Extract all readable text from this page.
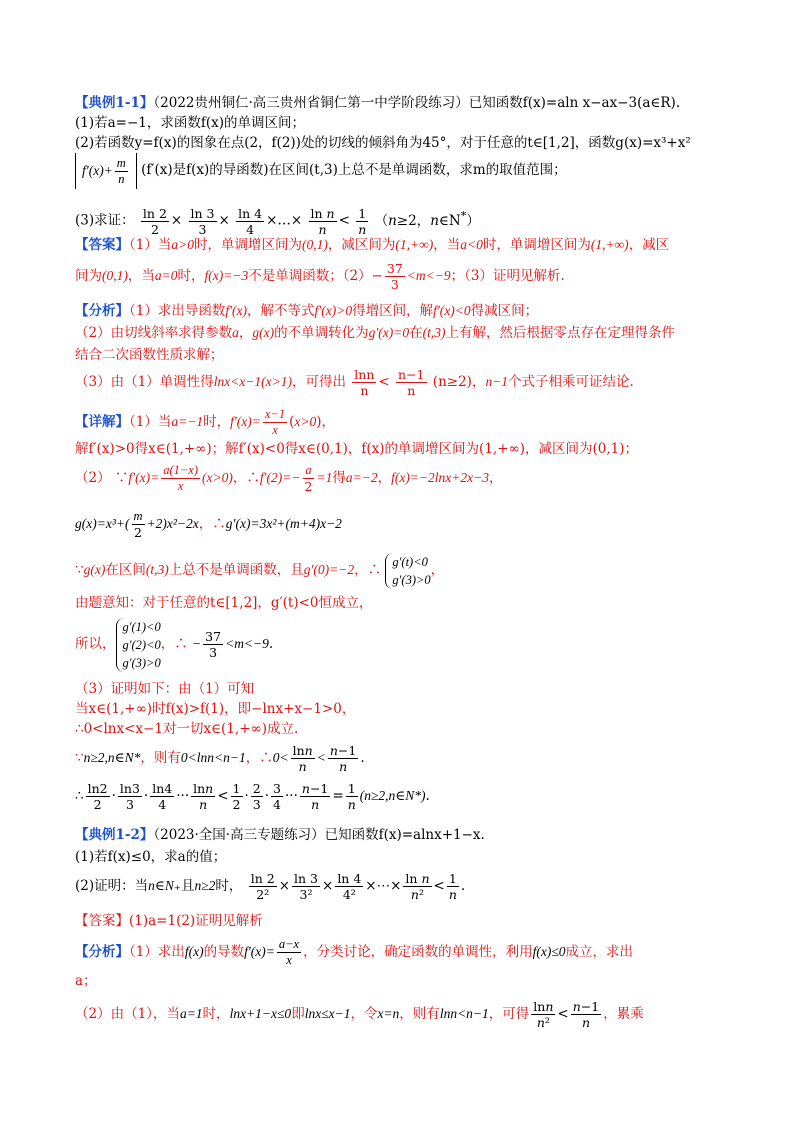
【典例1-1】（2022贵州铜仁·高三贵州省铜仁第一中学阶段练习）已知函数f(x)=aln x−ax−3(a∈R).
(1)若a=−1，求函数f(x)的单调区间；
(2)若函数y=f(x)的图象在点(2，f(2))处的切线的倾斜角为45°，对于任意的t∈[1,2]，函数g(x)=x³+x²
$f'(x)+ \frac{m}{n} (f'(x)$是f(x)的导函数)在区间(t,3)上总不是单调函数，求m的取值范围；
(3)求证： $\frac{\ln 2}{2} \times \frac{\ln 3}{3} \times \frac{\ln 4}{4}$ ×…× $\frac{\text{ln n}}{n} < \frac{1}{n} (n\ge 2$，n∈N*）
【答案】（1）当a>0时，单调增区间为(0,1)，减区间为(1,+∞)，当a<0时，单调增区间为(1,+∞)，减区
间为(0,1)，当a=0时，f(x)=−3不是单调函数；$(2)- \frac{37}{3} <m<-9$；（3）证明见解析.
【分析】（1）求出导函数f′(x)，解不等式f′(x)>0得增区间，解f′(x)<0得减区间；
（2）由切线斜率求得参数a，g(x)的不单调转化为g′(x)=0在(t,3)上有解，然后根据零点存在定理得条件
结合二次函数性质求解；
（3）由（1）单调性得lnx<x−1(x>1)，可得出 $\frac{\ln n}{n} < \frac{n-1}{n} (n\ge 2)$，n−1个式子相乘可证结论.
【详解】（1）当a=−1时，$f'(x)= \frac{x-1}{x} (x>0)$，
解f′(x)>0得x∈(1,+∞)；解f′(x)<0得x∈(0,1)，f(x)的单调增区间为(1,+∞)，减区间为(0,1)；
（2） ∵f′(x)= $\frac{a(1-x)}{x} (x>0)$，∴f′(2)=− $\frac{a}{2} =1$得a=−2，f(x)=−2lnx+2x−3，
$g(x)=x^3+( \frac{m}{2} +2)x^2-2x$，∴g′(x)=3x²+(m+4)x−2
∵g(x)在区间(t,3)上总不是单调函数，且g′(0)=−2，∴ g′(t)<0
g′(3)>0，
由题意知：对于任意的t∈[1,2]，g′(t)<0恒成立，
所以，g′(1)<0
g′(2)<0
g′(3)>0，∴ − $\frac{37}{3} <m<-9$.
（3）证明如下：由（1）可知
当x∈(1,+∞)时f(x)>f(1)，即−lnx+x−1>0，
∴0<lnx<x−1对一切x∈(1,+∞)成立.
∵n≥2,n∈N*，则有0<lnn<n−1，∴0< $\frac{\ln n}{n} < \frac{n-1}{n}$ .
∴ $\frac{\ln 2}{2} \cdot \frac{\ln 3}{3} \cdot \frac{\ln 4}{4}$ ··· $\frac{\ln n}{n} < \frac{1}{2} \cdot \frac{2}{3} \cdot \frac{3}{4}$ ··· $\frac{n-1}{n} = \frac{1}{n}$ (n≥2,n∈N*).
【典例1-2】（2023·全国·高三专题练习）已知函数f(x)=alnx+1−x.
(1)若f(x)≤0，求a的值；
(2)证明：当n∈N₊且n≥2时， $\frac{\ln 2}{\text{2²}} \times \frac{\ln 3}{\text{3²}} \times \frac{\ln 4}{\text{4²}}$ ×⋯× $\frac{\text{ln n}}{\text{n²}} < \frac{1}{n}$ .
【答案】(1)a=1(2)证明见解析
【分析】（1）求出f(x)的导数$f'(x)= \frac{a-x}{x}$ ，分类讨论，确定函数的单调性，利用f(x)≤0成立，求出
a；
（2）由（1），当a=1时，lnx+1−x≤0即lnx≤x−1，令x=n，则有lnn<n−1，可得 $\frac{\ln n}{\text{n²}} < \frac{n-1}{n}$ ，累乘
